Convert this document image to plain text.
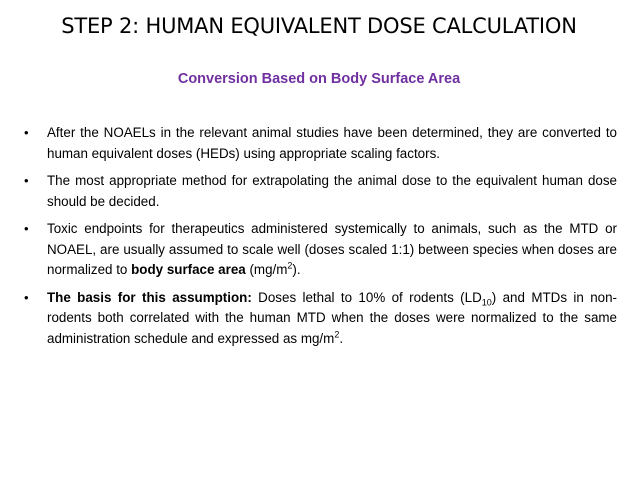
STEP 2: HUMAN EQUIVALENT DOSE CALCULATION
Conversion Based on Body Surface Area
• After the NOAELs in the relevant animal studies have been determined, they are converted to human equivalent doses (HEDs) using appropriate scaling factors.
• The most appropriate method for extrapolating the animal dose to the equivalent human dose should be decided.
• Toxic endpoints for therapeutics administered systemically to animals, such as the MTD or NOAEL, are usually assumed to scale well (doses scaled 1:1) between species when doses are normalized to body surface area $(mg/m^2)$.
• The basis for this assumption: Doses lethal to 10% of rodents $(LD_{10})$ and MTDs in non-rodents both correlated with the human MTD when the doses were normalized to the same administration schedule and expressed as $mg/m^2$.
